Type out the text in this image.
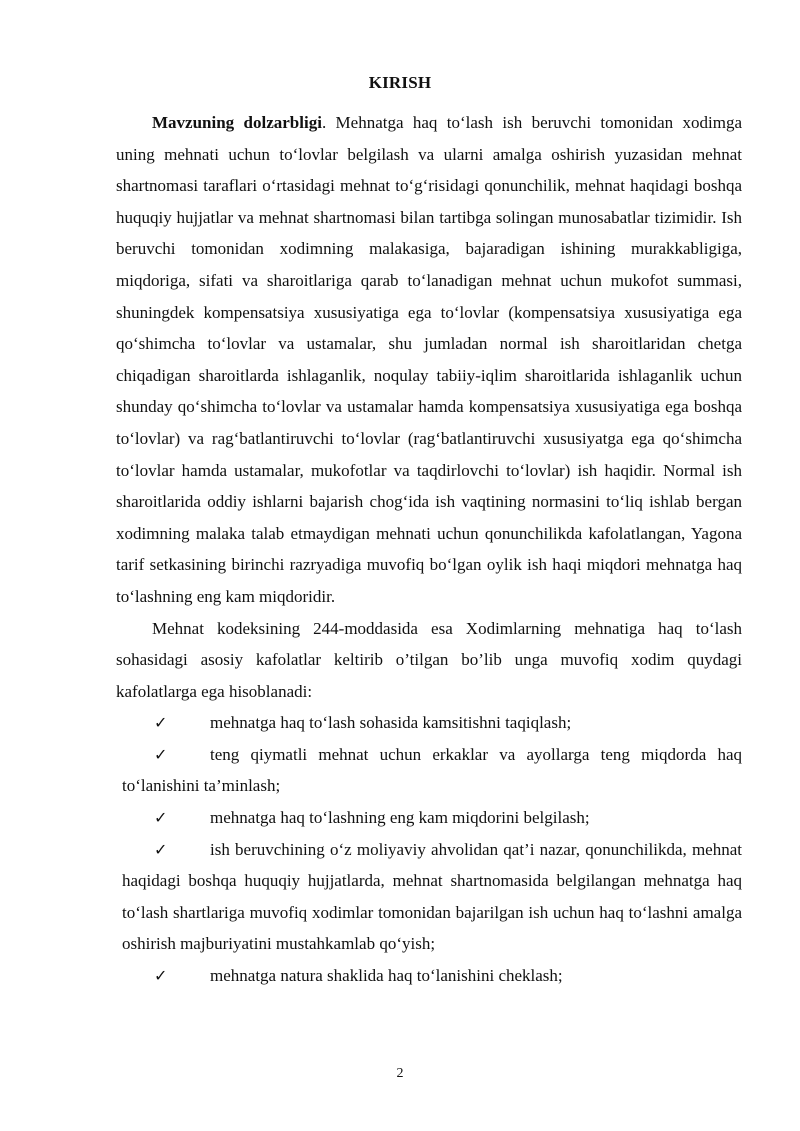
KIRISH

Mavzuning dolzarbligi. Mehnatga haq to‘lash ish beruvchi tomonidan xodimga uning mehnati uchun to‘lovlar belgilash va ularni amalga oshirish yuzasidan mehnat shartnomasi taraflari o‘rtasidagi mehnat to‘g‘risidagi qonunchilik, mehnat haqidagi boshqa huquqiy hujjatlar va mehnat shartnomasi bilan tartibga solingan munosabatlar tizimidir. Ish beruvchi tomonidan xodimning malakasiga, bajaradigan ishining murakkabligiga, miqdoriga, sifati va sharoitlariga qarab to‘lanadigan mehnat uchun mukofot summasi, shuningdek kompensatsiya xususiyatiga ega to‘lovlar (kompensatsiya xususiyatiga ega qo‘shimcha to‘lovlar va ustamalar, shu jumladan normal ish sharoitlaridan chetga chiqadigan sharoitlarda ishlaganlik, noqulay tabiiy-iqlim sharoitlarida ishlaganlik uchun shunday qo‘shimcha to‘lovlar va ustamalar hamda kompensatsiya xususiyatiga ega boshqa to‘lovlar) va rag‘batlantiruvchi to‘lovlar (rag‘batlantiruvchi xususiyatga ega qo‘shimcha to‘lovlar hamda ustamalar, mukofotlar va taqdirlovchi to‘lovlar) ish haqidir. Normal ish sharoitlarida oddiy ishlarni bajarish chog‘ida ish vaqtining normasini to‘liq ishlab bergan xodimning malaka talab etmaydigan mehnati uchun qonunchilikda kafolatlangan, Yagona tarif setkasining birinchi razryadiga muvofiq bo‘lgan oylik ish haqi miqdori mehnatga haq to‘lashning eng kam miqdoridir.

Mehnat kodeksining 244-moddasida esa Xodimlarning mehnatiga haq to‘lash sohasidagi asosiy kafolatlar keltirib o’tilgan bo’lib unga muvofiq xodim quydagi kafolatlarga ega hisoblanadi:

✓	mehnatga haq to‘lash sohasida kamsitishni taqiqlash;
✓	teng qiymatli mehnat uchun erkaklar va ayollarga teng miqdorda haq to‘lanishini ta’minlash;
✓	mehnatga haq to‘lashning eng kam miqdorini belgilash;
✓	ish beruvchining o‘z moliyaviy ahvolidan qat’i nazar, qonunchilikda, mehnat haqidagi boshqa huquqiy hujjatlarda, mehnat shartnomasida belgilangan mehnatga haq to‘lash shartlariga muvofiq xodimlar tomonidan bajarilgan ish uchun haq to‘lashni amalga oshirish majburiyatini mustahkamlab qo‘yish;
✓	mehnatga natura shaklida haq to‘lanishini cheklash;
2
